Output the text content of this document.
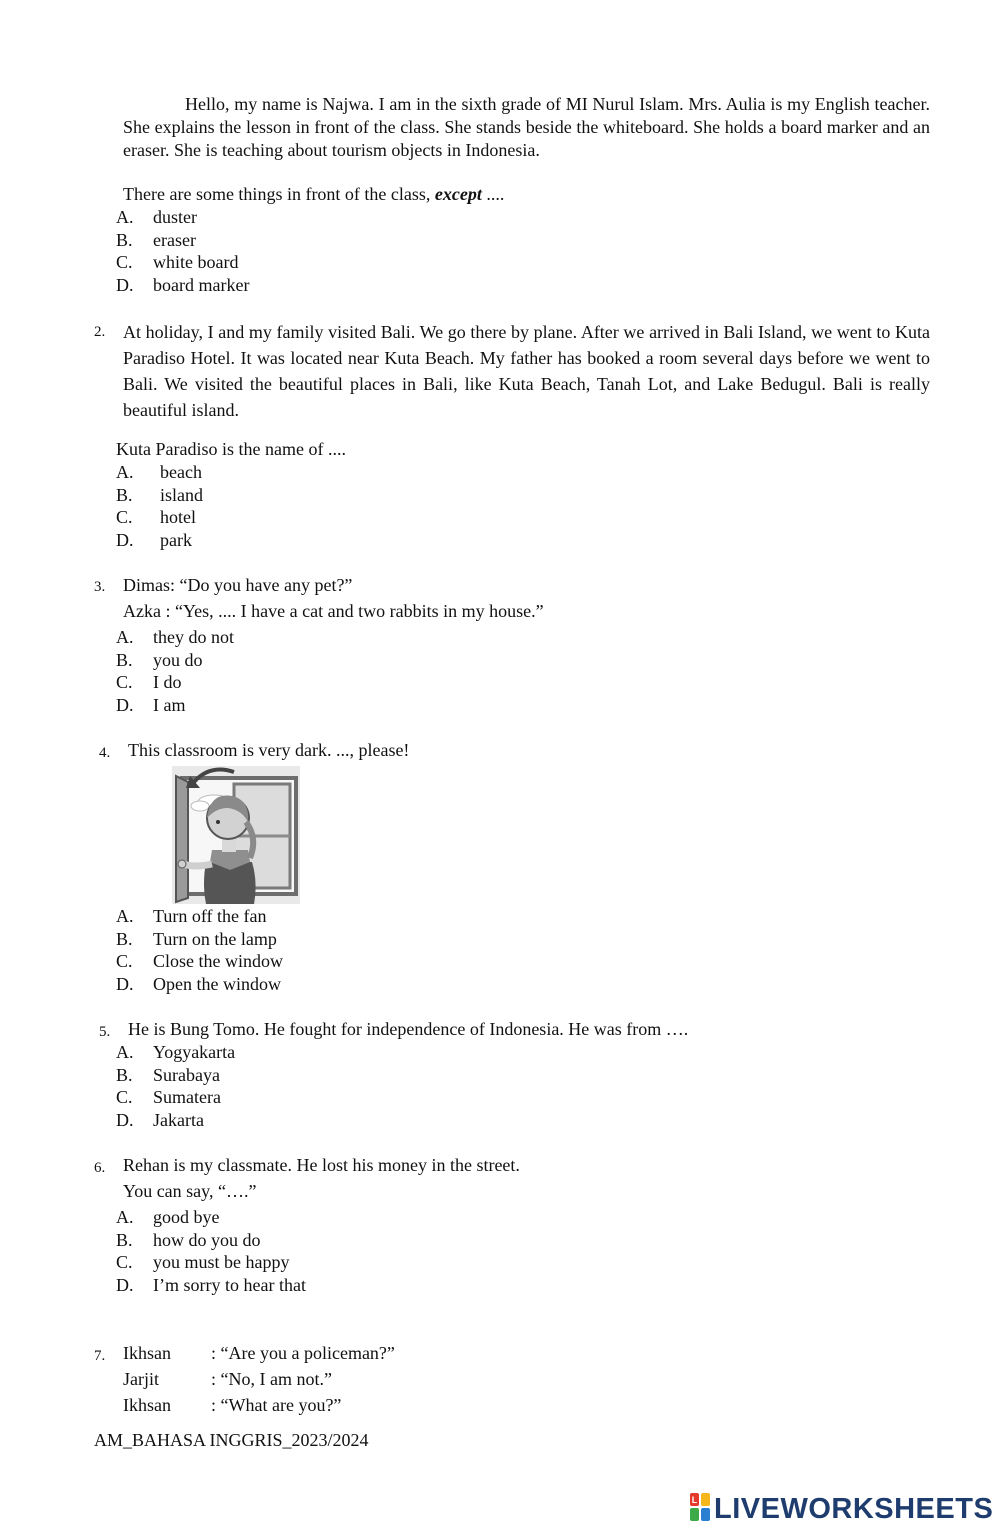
Hello, my name is Najwa. I am in the sixth grade of MI Nurul Islam. Mrs. Aulia is my English teacher. She explains the lesson in front of the class. She stands beside the whiteboard. She holds a board marker and an eraser. She is teaching about tourism objects in Indonesia.
There are some things in front of the class, except ....
A. duster
B. eraser
C. white board
D. board marker
2. At holiday, I and my family visited Bali. We go there by plane. After we arrived in Bali Island, we went to Kuta Paradiso Hotel. It was located near Kuta Beach. My father has booked a room several days before we went to Bali. We visited the beautiful places in Bali, like Kuta Beach, Tanah Lot, and Lake Bedugul. Bali is really beautiful island.
Kuta Paradiso is the name of ....
A. beach
B. island
C. hotel
D. park
3. Dimas: “Do you have any pet?”
Azka : “Yes, .... I have a cat and two rabbits in my house.”
A. they do not
B. you do
C. I do
D. I am
4. This classroom is very dark. ..., please!
A. Turn off the fan
B. Turn on the lamp
C. Close the window
D. Open the window
5. He is Bung Tomo. He fought for independence of Indonesia. He was from ….
A. Yogyakarta
B. Surabaya
C. Sumatera
D. Jakarta
6. Rehan is my classmate. He lost his money in the street.
You can say, “….”
A. good bye
B. how do you do
C. you must be happy
D. I’m sorry to hear that
7. Ikhsan : “Are you a policeman?”
Jarjit	: “No, I am not.”
Ikhsan : “What are you?”
AM_BAHASA INGGRIS_2023/2024
L LIVEWORKSHEETS
